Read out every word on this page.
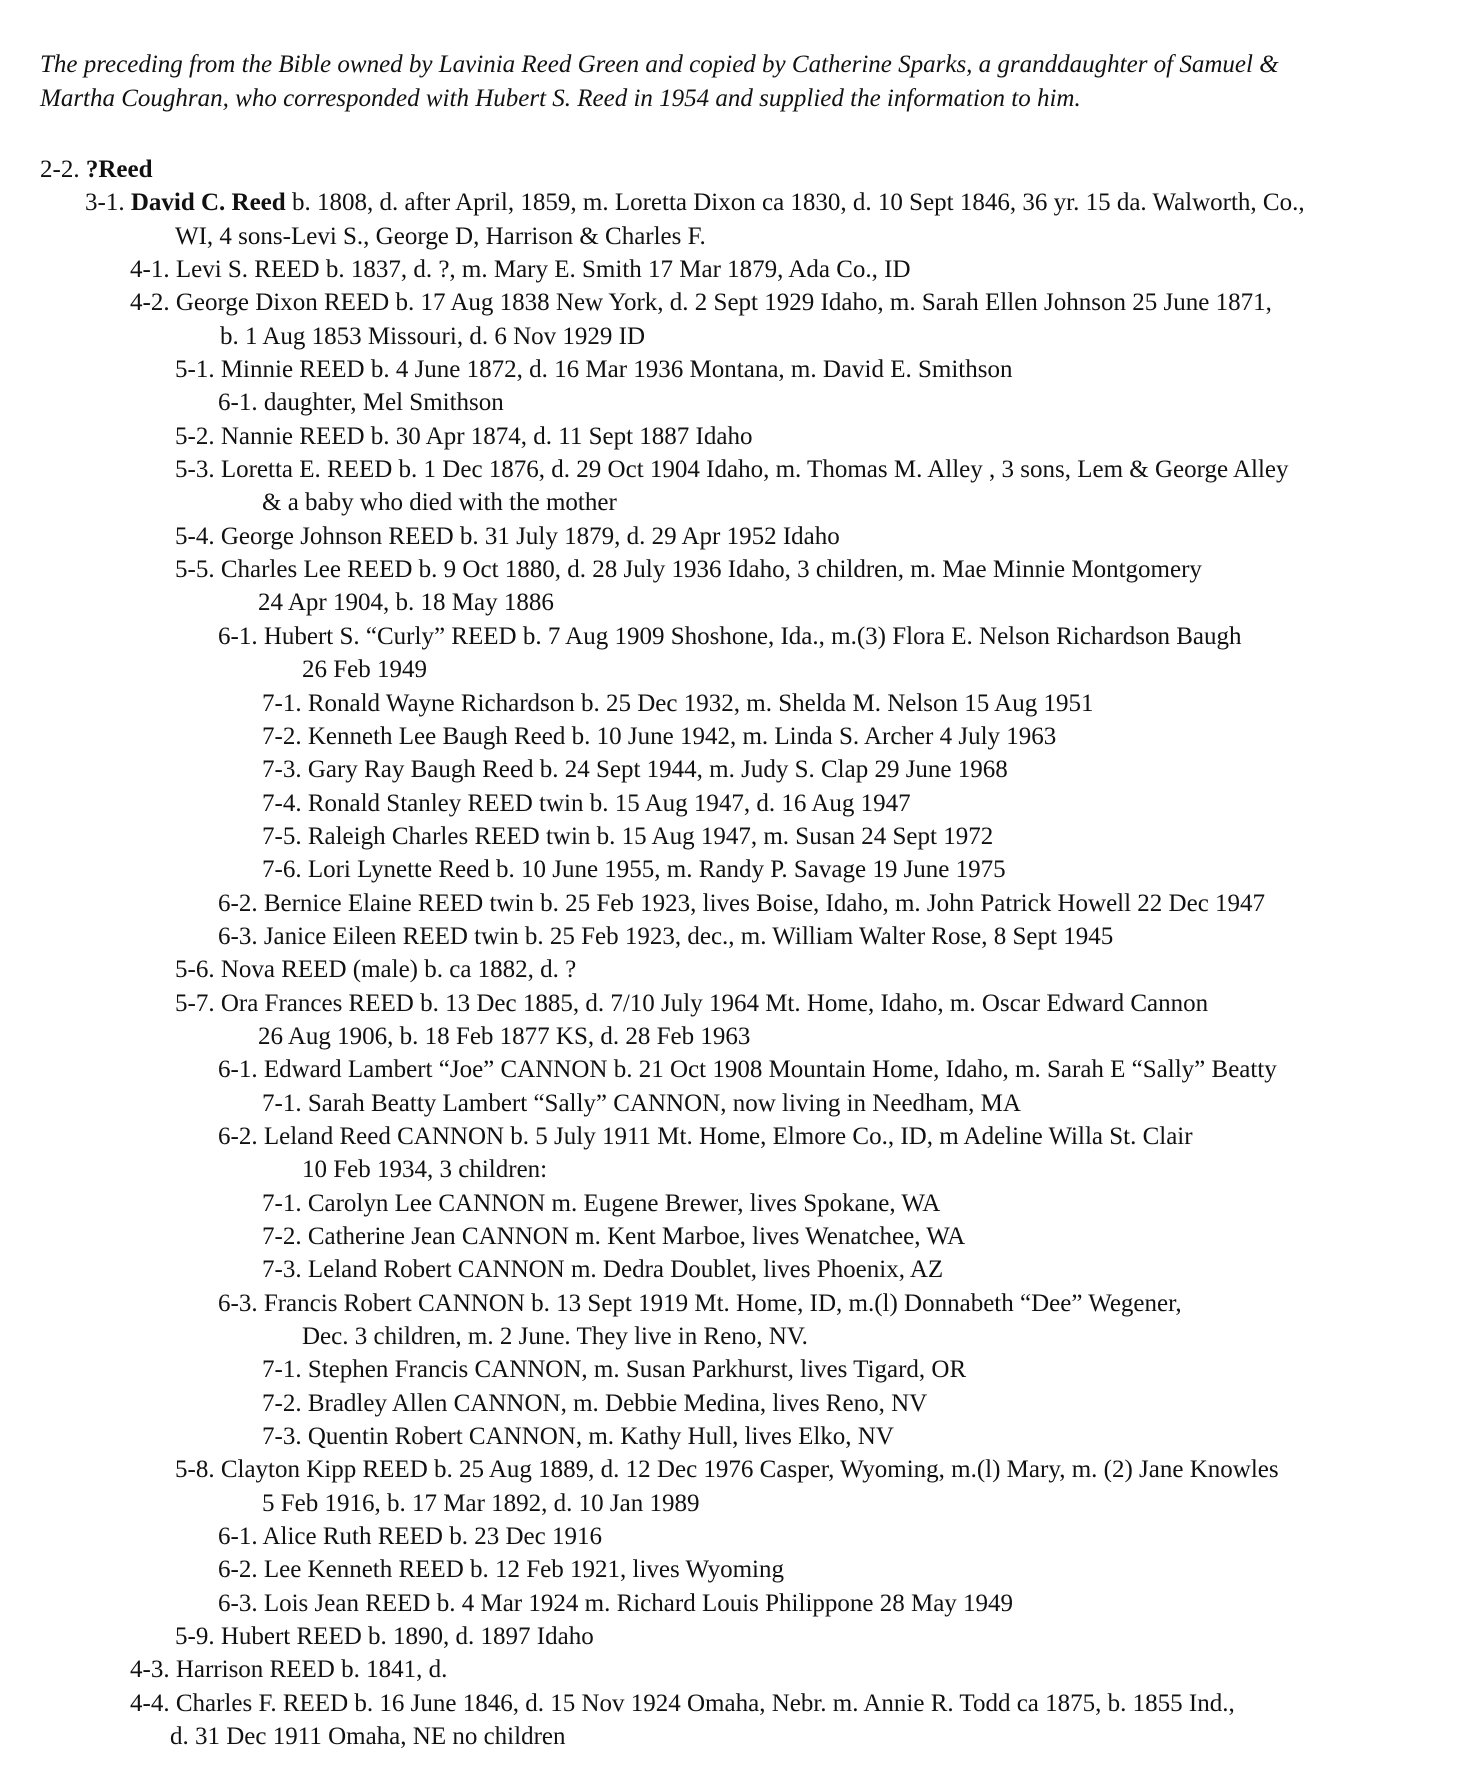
The preceding from the Bible owned by Lavinia Reed Green and copied by Catherine Sparks, a granddaughter of Samuel &
Martha Coughran, who corresponded with Hubert S. Reed in 1954 and supplied the information to him.

2-2. ?Reed
3-1. David C. Reed b. 1808, d. after April, 1859, m. Loretta Dixon ca 1830, d. 10 Sept 1846, 36 yr. 15 da. Walworth, Co.,
WI, 4 sons-Levi S., George D, Harrison & Charles F.
4-1. Levi S. REED b. 1837, d. ?, m. Mary E. Smith 17 Mar 1879, Ada Co., ID
4-2. George Dixon REED b. 17 Aug 1838 New York, d. 2 Sept 1929 Idaho, m. Sarah Ellen Johnson 25 June 1871,
b. 1 Aug 1853 Missouri, d. 6 Nov 1929 ID
5-1. Minnie REED b. 4 June 1872, d. 16 Mar 1936 Montana, m. David E. Smithson
6-1. daughter, Mel Smithson
5-2. Nannie REED b. 30 Apr 1874, d. 11 Sept 1887 Idaho
5-3. Loretta E. REED b. 1 Dec 1876, d. 29 Oct 1904 Idaho, m. Thomas M. Alley , 3 sons, Lem & George Alley
& a baby who died with the mother
5-4. George Johnson REED b. 31 July 1879, d. 29 Apr 1952 Idaho
5-5. Charles Lee REED b. 9 Oct 1880, d. 28 July 1936 Idaho, 3 children, m. Mae Minnie Montgomery
24 Apr 1904, b. 18 May 1886
6-1. Hubert S. “Curly” REED b. 7 Aug 1909 Shoshone, Ida., m.(3) Flora E. Nelson Richardson Baugh
26 Feb 1949
7-1. Ronald Wayne Richardson b. 25 Dec 1932, m. Shelda M. Nelson 15 Aug 1951
7-2. Kenneth Lee Baugh Reed b. 10 June 1942, m. Linda S. Archer 4 July 1963
7-3. Gary Ray Baugh Reed b. 24 Sept 1944, m. Judy S. Clap 29 June 1968
7-4. Ronald Stanley REED twin b. 15 Aug 1947, d. 16 Aug 1947
7-5. Raleigh Charles REED twin b. 15 Aug 1947, m. Susan 24 Sept 1972
7-6. Lori Lynette Reed b. 10 June 1955, m. Randy P. Savage 19 June 1975
6-2. Bernice Elaine REED twin b. 25 Feb 1923, lives Boise, Idaho, m. John Patrick Howell 22 Dec 1947
6-3. Janice Eileen REED twin b. 25 Feb 1923, dec., m. William Walter Rose, 8 Sept 1945
5-6. Nova REED (male) b. ca 1882, d. ?
5-7. Ora Frances REED b. 13 Dec 1885, d. 7/10 July 1964 Mt. Home, Idaho, m. Oscar Edward Cannon
26 Aug 1906, b. 18 Feb 1877 KS, d. 28 Feb 1963
6-1. Edward Lambert “Joe” CANNON b. 21 Oct 1908 Mountain Home, Idaho, m. Sarah E “Sally” Beatty
7-1. Sarah Beatty Lambert “Sally” CANNON, now living in Needham, MA
6-2. Leland Reed CANNON b. 5 July 1911 Mt. Home, Elmore Co., ID, m Adeline Willa St. Clair
10 Feb 1934, 3 children:
7-1. Carolyn Lee CANNON m. Eugene Brewer, lives Spokane, WA
7-2. Catherine Jean CANNON m. Kent Marboe, lives Wenatchee, WA
7-3. Leland Robert CANNON m. Dedra Doublet, lives Phoenix, AZ
6-3. Francis Robert CANNON b. 13 Sept 1919 Mt. Home, ID, m.(l) Donnabeth “Dee” Wegener,
Dec. 3 children, m. 2 June. They live in Reno, NV.
7-1. Stephen Francis CANNON, m. Susan Parkhurst, lives Tigard, OR
7-2. Bradley Allen CANNON, m. Debbie Medina, lives Reno, NV
7-3. Quentin Robert CANNON, m. Kathy Hull, lives Elko, NV
5-8. Clayton Kipp REED b. 25 Aug 1889, d. 12 Dec 1976 Casper, Wyoming, m.(l) Mary, m. (2) Jane Knowles
5 Feb 1916, b. 17 Mar 1892, d. 10 Jan 1989
6-1. Alice Ruth REED b. 23 Dec 1916
6-2. Lee Kenneth REED b. 12 Feb 1921, lives Wyoming
6-3. Lois Jean REED b. 4 Mar 1924 m. Richard Louis Philippone 28 May 1949
5-9. Hubert REED b. 1890, d. 1897 Idaho
4-3. Harrison REED b. 1841, d.
4-4. Charles F. REED b. 16 June 1846, d. 15 Nov 1924 Omaha, Nebr. m. Annie R. Todd ca 1875, b. 1855 Ind.,
d. 31 Dec 1911 Omaha, NE no children
